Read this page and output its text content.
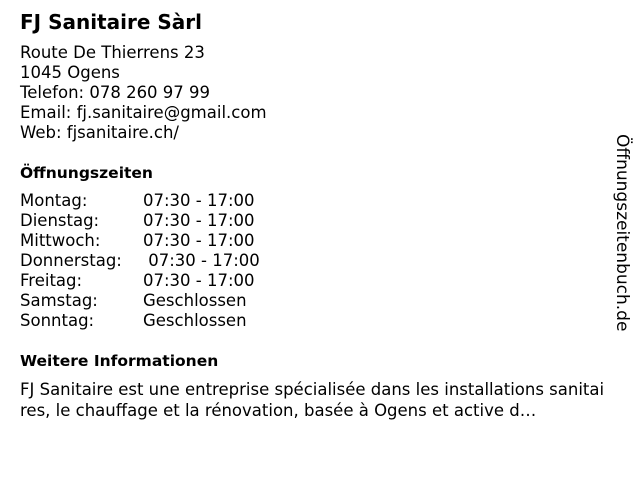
FJ Sanitaire Sàrl
Route De Thierrens 23
1045 Ogens
Telefon: 078 260 97 99
Email: fj.sanitaire@gmail.com
Web: fjsanitaire.ch/
Öffnungszeiten
Montag:	07:30 - 17:00
Dienstag:	07:30 - 17:00
Mittwoch:	07:30 - 17:00
Donnerstag:	07:30 - 17:00
Freitag:	07:30 - 17:00
Samstag:	Geschlossen
Sonntag:	Geschlossen
Weitere Informationen
FJ Sanitaire est une entreprise spécialisée dans les installations sanitaires, le chauffage et la rénovation, basée à Ogens et active d…
Öffnungszeitenbuch.de
